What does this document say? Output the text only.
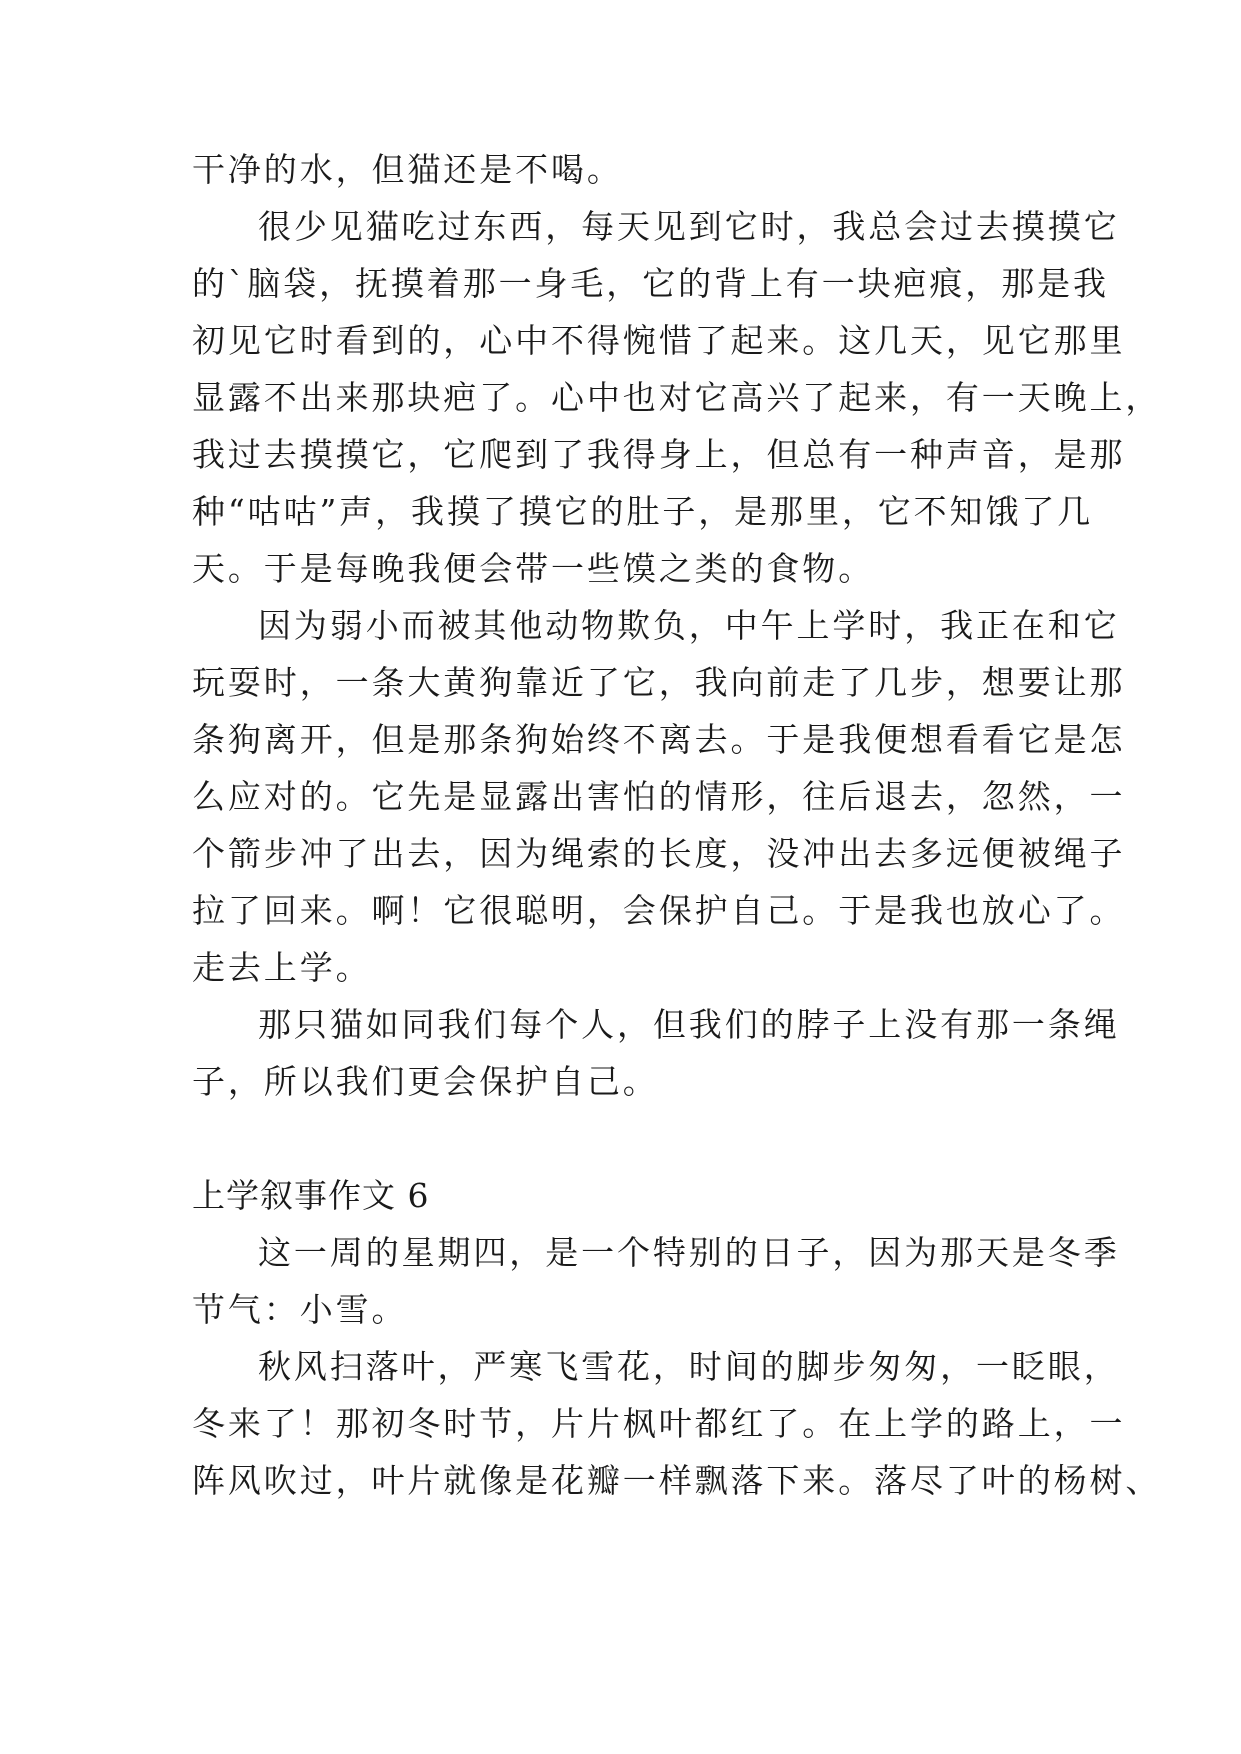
干净的水，但猫还是不喝。
很少见猫吃过东西，每天见到它时，我总会过去摸摸它
的`脑袋，抚摸着那一身毛，它的背上有一块疤痕，那是我
初见它时看到的，心中不得惋惜了起来。这几天，见它那里
显露不出来那块疤了。心中也对它高兴了起来，有一天晚上，
我过去摸摸它，它爬到了我得身上，但总有一种声音，是那
种“咕咕”声，我摸了摸它的肚子，是那里，它不知饿了几
天。于是每晚我便会带一些馍之类的食物。
因为弱小而被其他动物欺负，中午上学时，我正在和它
玩耍时，一条大黄狗靠近了它，我向前走了几步，想要让那
条狗离开，但是那条狗始终不离去。于是我便想看看它是怎
么应对的。它先是显露出害怕的情形，往后退去，忽然，一
个箭步冲了出去，因为绳索的长度，没冲出去多远便被绳子
拉了回来。啊！它很聪明，会保护自己。于是我也放心了。
走去上学。
那只猫如同我们每个人，但我们的脖子上没有那一条绳
子，所以我们更会保护自己。
上学叙事作文 6
这一周的星期四，是一个特别的日子，因为那天是冬季
节气：小雪。
秋风扫落叶，严寒飞雪花，时间的脚步匆匆，一眨眼，
冬来了！那初冬时节，片片枫叶都红了。在上学的路上，一
阵风吹过，叶片就像是花瓣一样飘落下来。落尽了叶的杨树、
